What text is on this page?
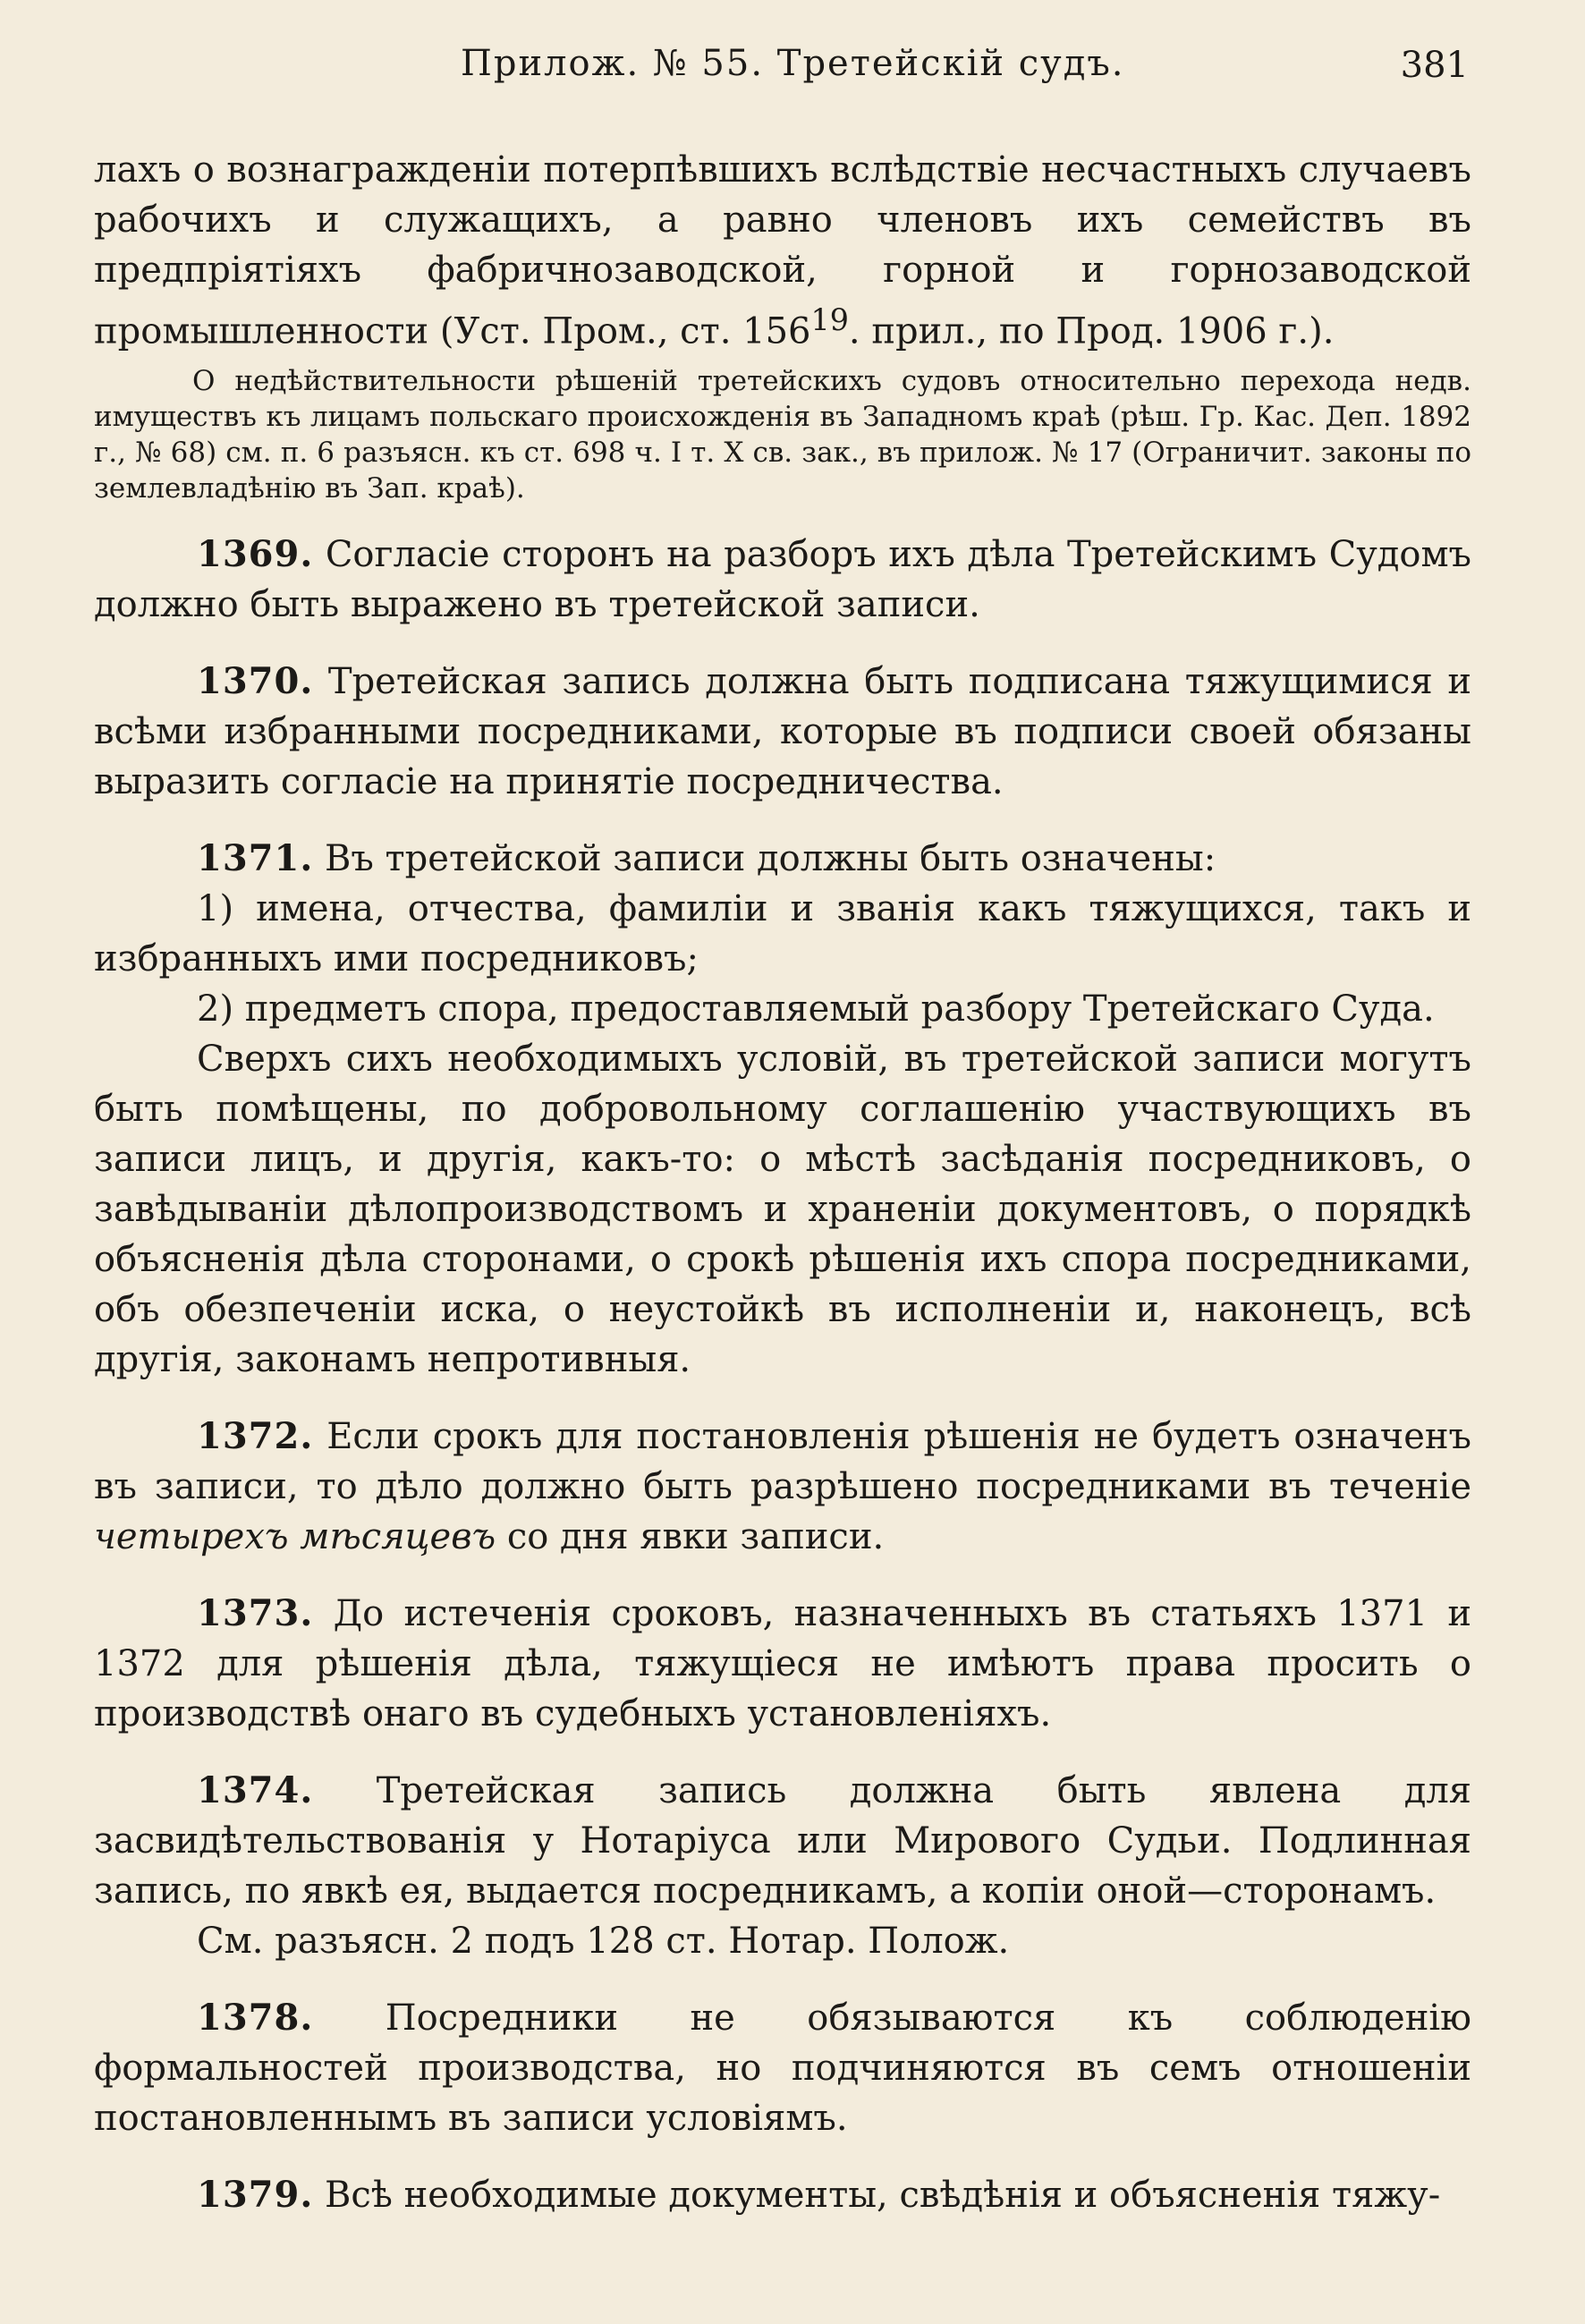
Прилож. № 55. Третейскій судъ.	381

лахъ о вознагражденіи потерпѣвшихъ вслѣдствіе несчастныхъ случаевъ рабочихъ и служащихъ, а равно членовъ ихъ семействъ въ предпріятіяхъ фабричнозаводской, горной и горнозаводской промышленности (Уст. Пром., ст. $156^{19}$. прил., по Прод. 1906 г.).

О недѣйствительности рѣшеній третейскихъ судовъ относительно перехода недв. имуществъ къ лицамъ польскаго происхожденія въ Западномъ краѣ (рѣш. Гр. Кас. Деп. 1892 г., № 68) см. п. 6 разъясн. къ ст. 698 ч. I т. X св. зак., въ прилож. № 17 (Ограничит. законы по землевладѣнію въ Зап. краѣ).

1369. Согласіе сторонъ на разборъ ихъ дѣла Третейскимъ Судомъ должно быть выражено въ третейской записи.

1370. Третейская запись должна быть подписана тяжущимися и всѣми избранными посредниками, которые въ подписи своей обязаны выразить согласіе на принятіе посредничества.

1371. Въ третейской записи должны быть означены:

1) имена, отчества, фамиліи и званія какъ тяжущихся, такъ и избранныхъ ими посредниковъ;

2) предметъ спора, предоставляемый разбору Третейскаго Суда.

Сверхъ сихъ необходимыхъ условій, въ третейской записи могутъ быть помѣщены, по добровольному соглашенію участвующихъ въ записи лицъ, и другія, какъ-то: о мѣстѣ засѣданія посредниковъ, о завѣдываніи дѣлопроизводствомъ и храненіи документовъ, о порядкѣ объясненія дѣла сторонами, о срокѣ рѣшенія ихъ спора посредниками, объ обезпеченіи иска, о неустойкѣ въ исполненіи и, наконецъ, всѣ другія, законамъ непротивныя.

1372. Если срокъ для постановленія рѣшенія не будетъ означенъ въ записи, то дѣло должно быть разрѣшено посредниками въ теченіе четырехъ мѣсяцевъ со дня явки записи.

1373. До истеченія сроковъ, назначенныхъ въ статьяхъ 1371 и 1372 для рѣшенія дѣла, тяжущіеся не имѣютъ права просить о производствѣ онаго въ судебныхъ установленіяхъ.

1374. Третейская запись должна быть явлена для засвидѣтельствованія у Нотаріуса или Мирового Судьи. Подлинная запись, по явкѣ ея, выдается посредникамъ, а копіи оной—сторонамъ.

См. разъясн. 2 подъ 128 ст. Нотар. Полож.

1378. Посредники не обязываются къ соблюденію формальностей производства, но подчиняются въ семъ отношеніи постановленнымъ въ записи условіямъ.

1379. Всѣ необходимые документы, свѣдѣнія и объясненія тяжу-
